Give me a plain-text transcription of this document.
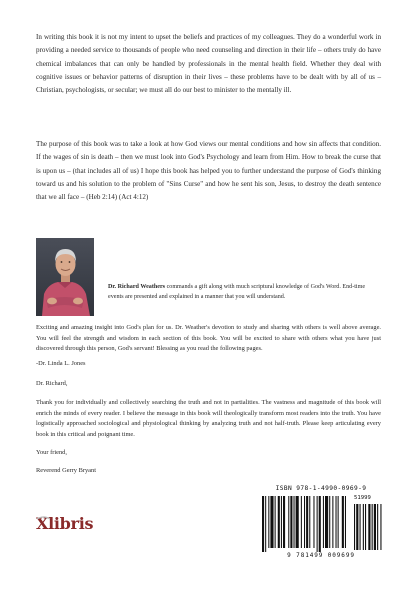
In writing this book it is not my intent to upset the beliefs and practices of my colleagues. They do a wonderful work in providing a needed service to thousands of people who need counseling and direction in their life – others truly do have chemical imbalances that can only be handled by professionals in the mental health field. Whether they deal with cognitive issues or behavior patterns of disruption in their lives – these problems have to be dealt with by all of us – Christian, psychologists, or secular; we must all do our best to minister to the mentally ill.

The purpose of this book was to take a look at how God views our mental conditions and how sin affects that condition. If the wages of sin is death – then we must look into God's Psychology and learn from Him. How to break the curse that is upon us – (that includes all of us) I hope this book has helped you to further understand the purpose of God's thinking toward us and his solution to the problem of "Sins Curse" and how he sent his son, Jesus, to destroy the death sentence that we all face – (Heb 2:14) (Act 4:12)

Dr. Richard Weathers commands a gift along with much scriptural knowledge of God's Word. End-time events are presented and explained in a manner that you will understand.

Exciting and amazing insight into God's plan for us. Dr. Weather's devotion to study and sharing with others is well above average. You will feel the strength and wisdom in each section of this book. You will be excited to share with others what you have just discovered through this person, God's servant! Blessing as you read the following pages.

-Dr. Linda L. Jones

Dr. Richard,

Thank you for individually and collectively searching the truth and not in partialities. The vastness and magnitude of this book will enrich the minds of every reader. I believe the message in this book will theologically transform most readers into the truth. You have logistically approached sociological and physiological thinking by analyzing truth and not half-truth. Please keep articulating every book in this critical and poignant time.

Your friend,

Reverend Gerry Bryant

Xlibris
ISBN 978-1-4990-0969-9
51999
9 781499 009699
